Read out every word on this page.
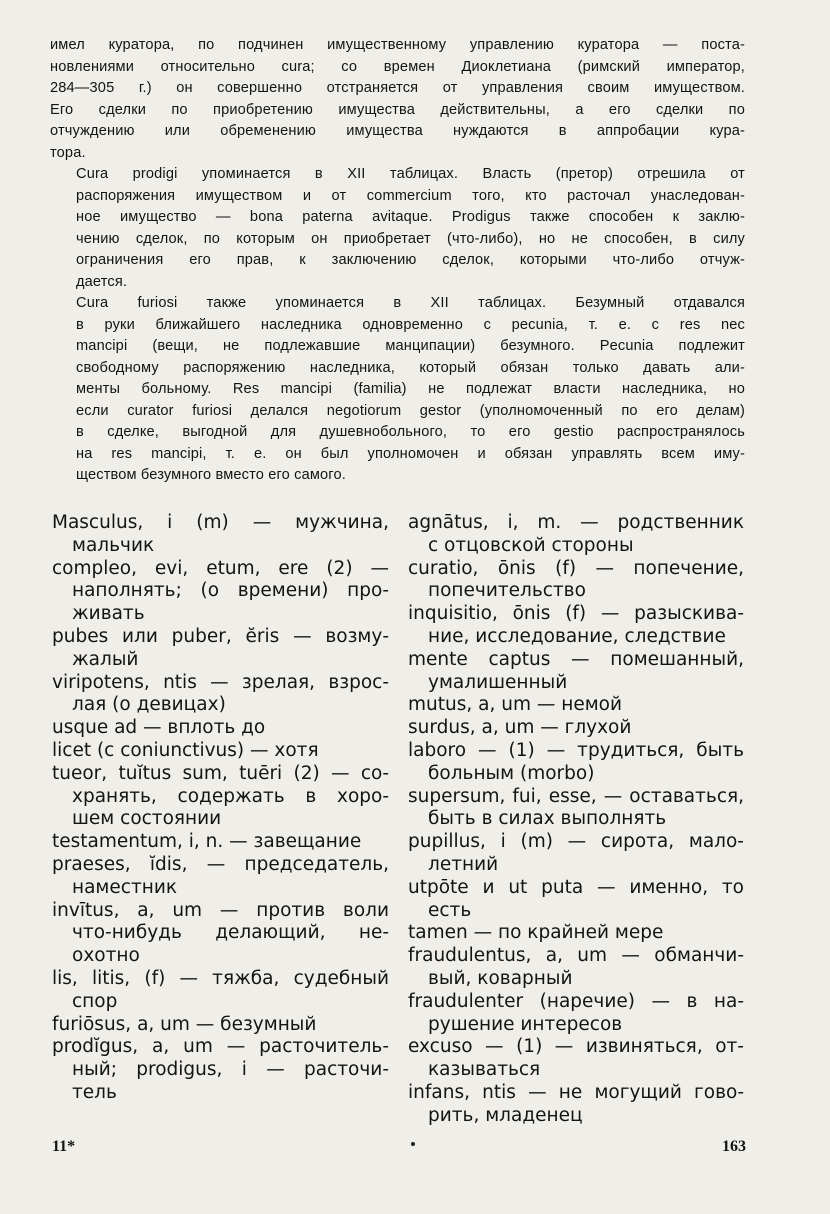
имел куратора, по подчинен имущественному управлению куратора — поста-
новлениями относительно cura; со времен Диоклетиана (римский император,
284—305 г.) он совершенно отстраняется от управления своим имуществом.
Его сделки по приобретению имущества действительны, а его сделки по
отчуждению или обременению имущества нуждаются в аппробации кура-
тора.

Cura prodigi упоминается в XII таблицах. Власть (претор) отрешила от
распоряжения имуществом и от commercium того, кто расточал унаследован-
ное имущество — bona paterna avitaque. Prodigus также способен к заклю-
чению сделок, по которым он приобретает (что-либо), но не способен, в силу
ограничения его прав, к заключению сделок, которыми что-либо отчуж-
дается.

Cura furiosi также упоминается в XII таблицах. Безумный отдавался
в руки ближайшего наследника одновременно с pecunia, т. е. с res nec
mancipi (вещи, не подлежавшие манципации) безумного. Pecunia подлежит
свободному распоряжению наследника, который обязан только давать али-
менты больному. Res mancipi (familia) не подлежат власти наследника, но
если curator furiosi делался negotiorum gestor (уполномоченный по его делам)
в сделке, выгодной для душевнобольного, то его gestio распространялось
на res mancipi, т. е. он был уполномочен и обязан управлять всем иму-
ществом безумного вместо его самого.

Masculus, i (m) — мужчина,
мальчик
compleo, evi, etum, ere (2) —
наполнять; (о времени) про-
живать
pubes или puber, ĕris — возму-
жалый
viripotens, ntis — зрелая, взрос-
лая (о девицах)
usque ad — вплоть до
licet (с coniunctivus) — хотя
tueor, tuĭtus sum, tuēri (2) — со-
хранять, содержать в хоро-
шем состоянии
testamentum, i, n. — завещание
praeses, ĭdis, — председатель,
наместник
invītus, a, um — против воли
что-нибудь делающий, не-
охотно
lis, litis, (f) — тяжба, судебный
спор
furiōsus, a, um — безумный
prodĭgus, a, um — расточитель-
ный; prodigus, i — расточи-
тель
agnātus, i, m. — родственник
с отцовской стороны
curatio, ōnis (f) — попечение,
попечительство
inquisitio, ōnis (f) — разыскива-
ние, исследование, следствие
mente captus — помешанный,
умалишенный
mutus, a, um — немой
surdus, a, um — глухой
laboro — (1) — трудиться, быть
больным (morbo)
supersum, fui, esse, — оставаться,
быть в силах выполнять
pupillus, i (m) — сирота, мало-
летний
utpōte и ut puta — именно, то
есть
tamen — по крайней мере
fraudulentus, a, um — обманчи-
вый, коварный
fraudulenter (наречие) — в на-
рушение интересов
excuso — (1) — извиняться, от-
казываться
infans, ntis — не могущий гово-
рить, младенец
11*	163
